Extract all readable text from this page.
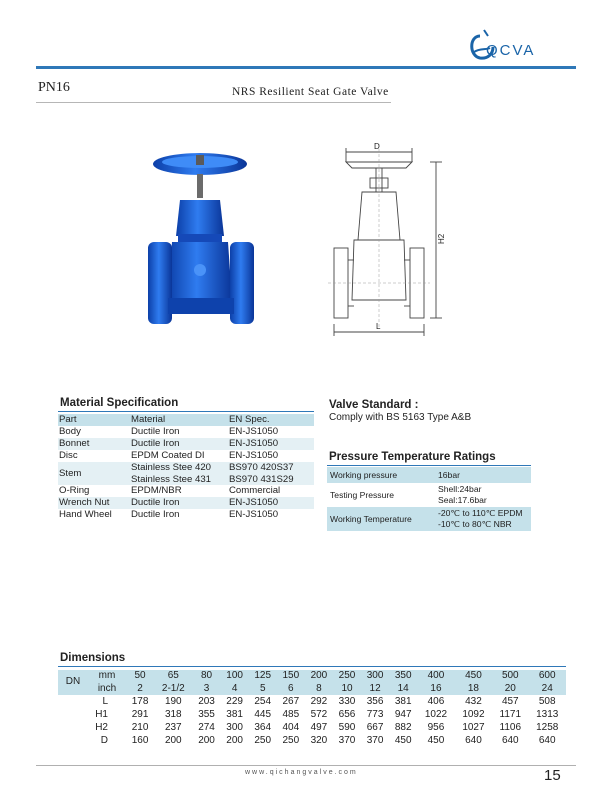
QCVA
PN16	NRS Resilient Seat Gate Valve
D
H2
L
Material Specification
Part	Material	EN Spec.
Body	Ductile Iron	EN-JS1050
Bonnet	Ductile Iron	EN-JS1050
Disc	EPDM Coated DI	EN-JS1050
Stem	Stainless Stee 420	BS970 420S37
	Stainless Stee 431	BS970 431S29
O-Ring	EPDM/NBR	Commercial
Wrench Nut	Ductile Iron	EN-JS1050
Hand Wheel	Ductile Iron	EN-JS1050
Valve Standard :
Comply with BS 5163 Type A&B
Pressure Temperature Ratings
Working pressure	16bar
Testing Pressure	Shell:24bar
Seal:17.6bar

Working Temperature	-20℃ to 110℃ EPDM
-10℃ to 80℃ NBR
Dimensions
DN	mm	50	65	80	100	125	150	200	250	300	350	400	450	500	600
	inch	2	2-1/2	3	4	5	6	8	10	12	14	16	18	20	24
L		178	190	203	229	254	267	292	330	356	381	406	432	457	508
H1		291	318	355	381	445	485	572	656	773	947	1022	1092	1171	1313
H2		210	237	274	300	364	404	497	590	667	882	956	1027	1106	1258
D		160	200	200	200	250	250	320	370	370	450	450	640	640	640
www.qichangvalve.com	15
